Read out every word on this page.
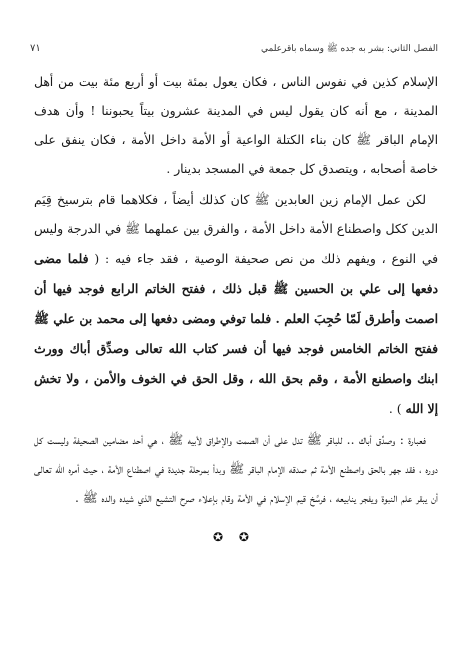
الفصل الثاني: بشر به جده ﷺ وسماه باقرعلمي
٧١

الإسلام كذين في نفوس الناس ، فكان يعول بمئة بيت أو أربع مئة بيت من أهل المدينة ، مع أنه كان يقول ليس في المدينة عشرون بيتاً يحبوننا ! وأن هدف الإمام الباقر ﷺ كان بناء الكتلة الواعية أو الأمة داخل الأمة ، فكان ينفق على خاصة أصحابه ، ويتصدق كل جمعة في المسجد بدينار .

لكن عمل الإمام زين العابدين ﷺ كان كذلك أيضاً ، فكلاهما قام بترسيخ قِيَم الدين ككل واصطناع الأمة داخل الأمة ، والفرق بين عملهما ﷺ في الدرجة وليس في النوع ، ويفهم ذلك من نص صحيفة الوصية ، فقد جاء فيه : ( فلما مضى دفعها إلى علي بن الحسين ﷺ قبل ذلك ، ففتح الخاتم الرابع فوجد فيها أن اصمت وأطرق لَمّا حُجِبَ العلم . فلما توفي ومضى دفعها إلى محمد بن علي ﷺ ففتح الخاتم الخامس فوجد فيها أن فسر كتاب الله تعالى وصدِّق أباك وورث ابنك واصطنع الأمة ، وقم بحق الله ، وقل الحق في الخوف والأمن ، ولا تخش إلا الله ) .

فعبارة : وصدِّق أباك .. للباقر ﷺ تدل على أن الصمت والإطراق لأبيه ﷺ ، هي أحد مضامين الصحيفة وليست كل دوره ، فقد جهر بالحق واصطنع الأمة ثم صدقه الإمام الباقر ﷺ وبدأ بمرحلة جديدة في اصطناع الأمة ، حيث أمره الله تعالى أن يبقر علم النبوة ويفجر ينابيعه ، فرسَّخ قيم الإسلام في الأمة وقام بإعلاء صرح التشيع الذي شيده والده ﷺ .

✪ ✪
